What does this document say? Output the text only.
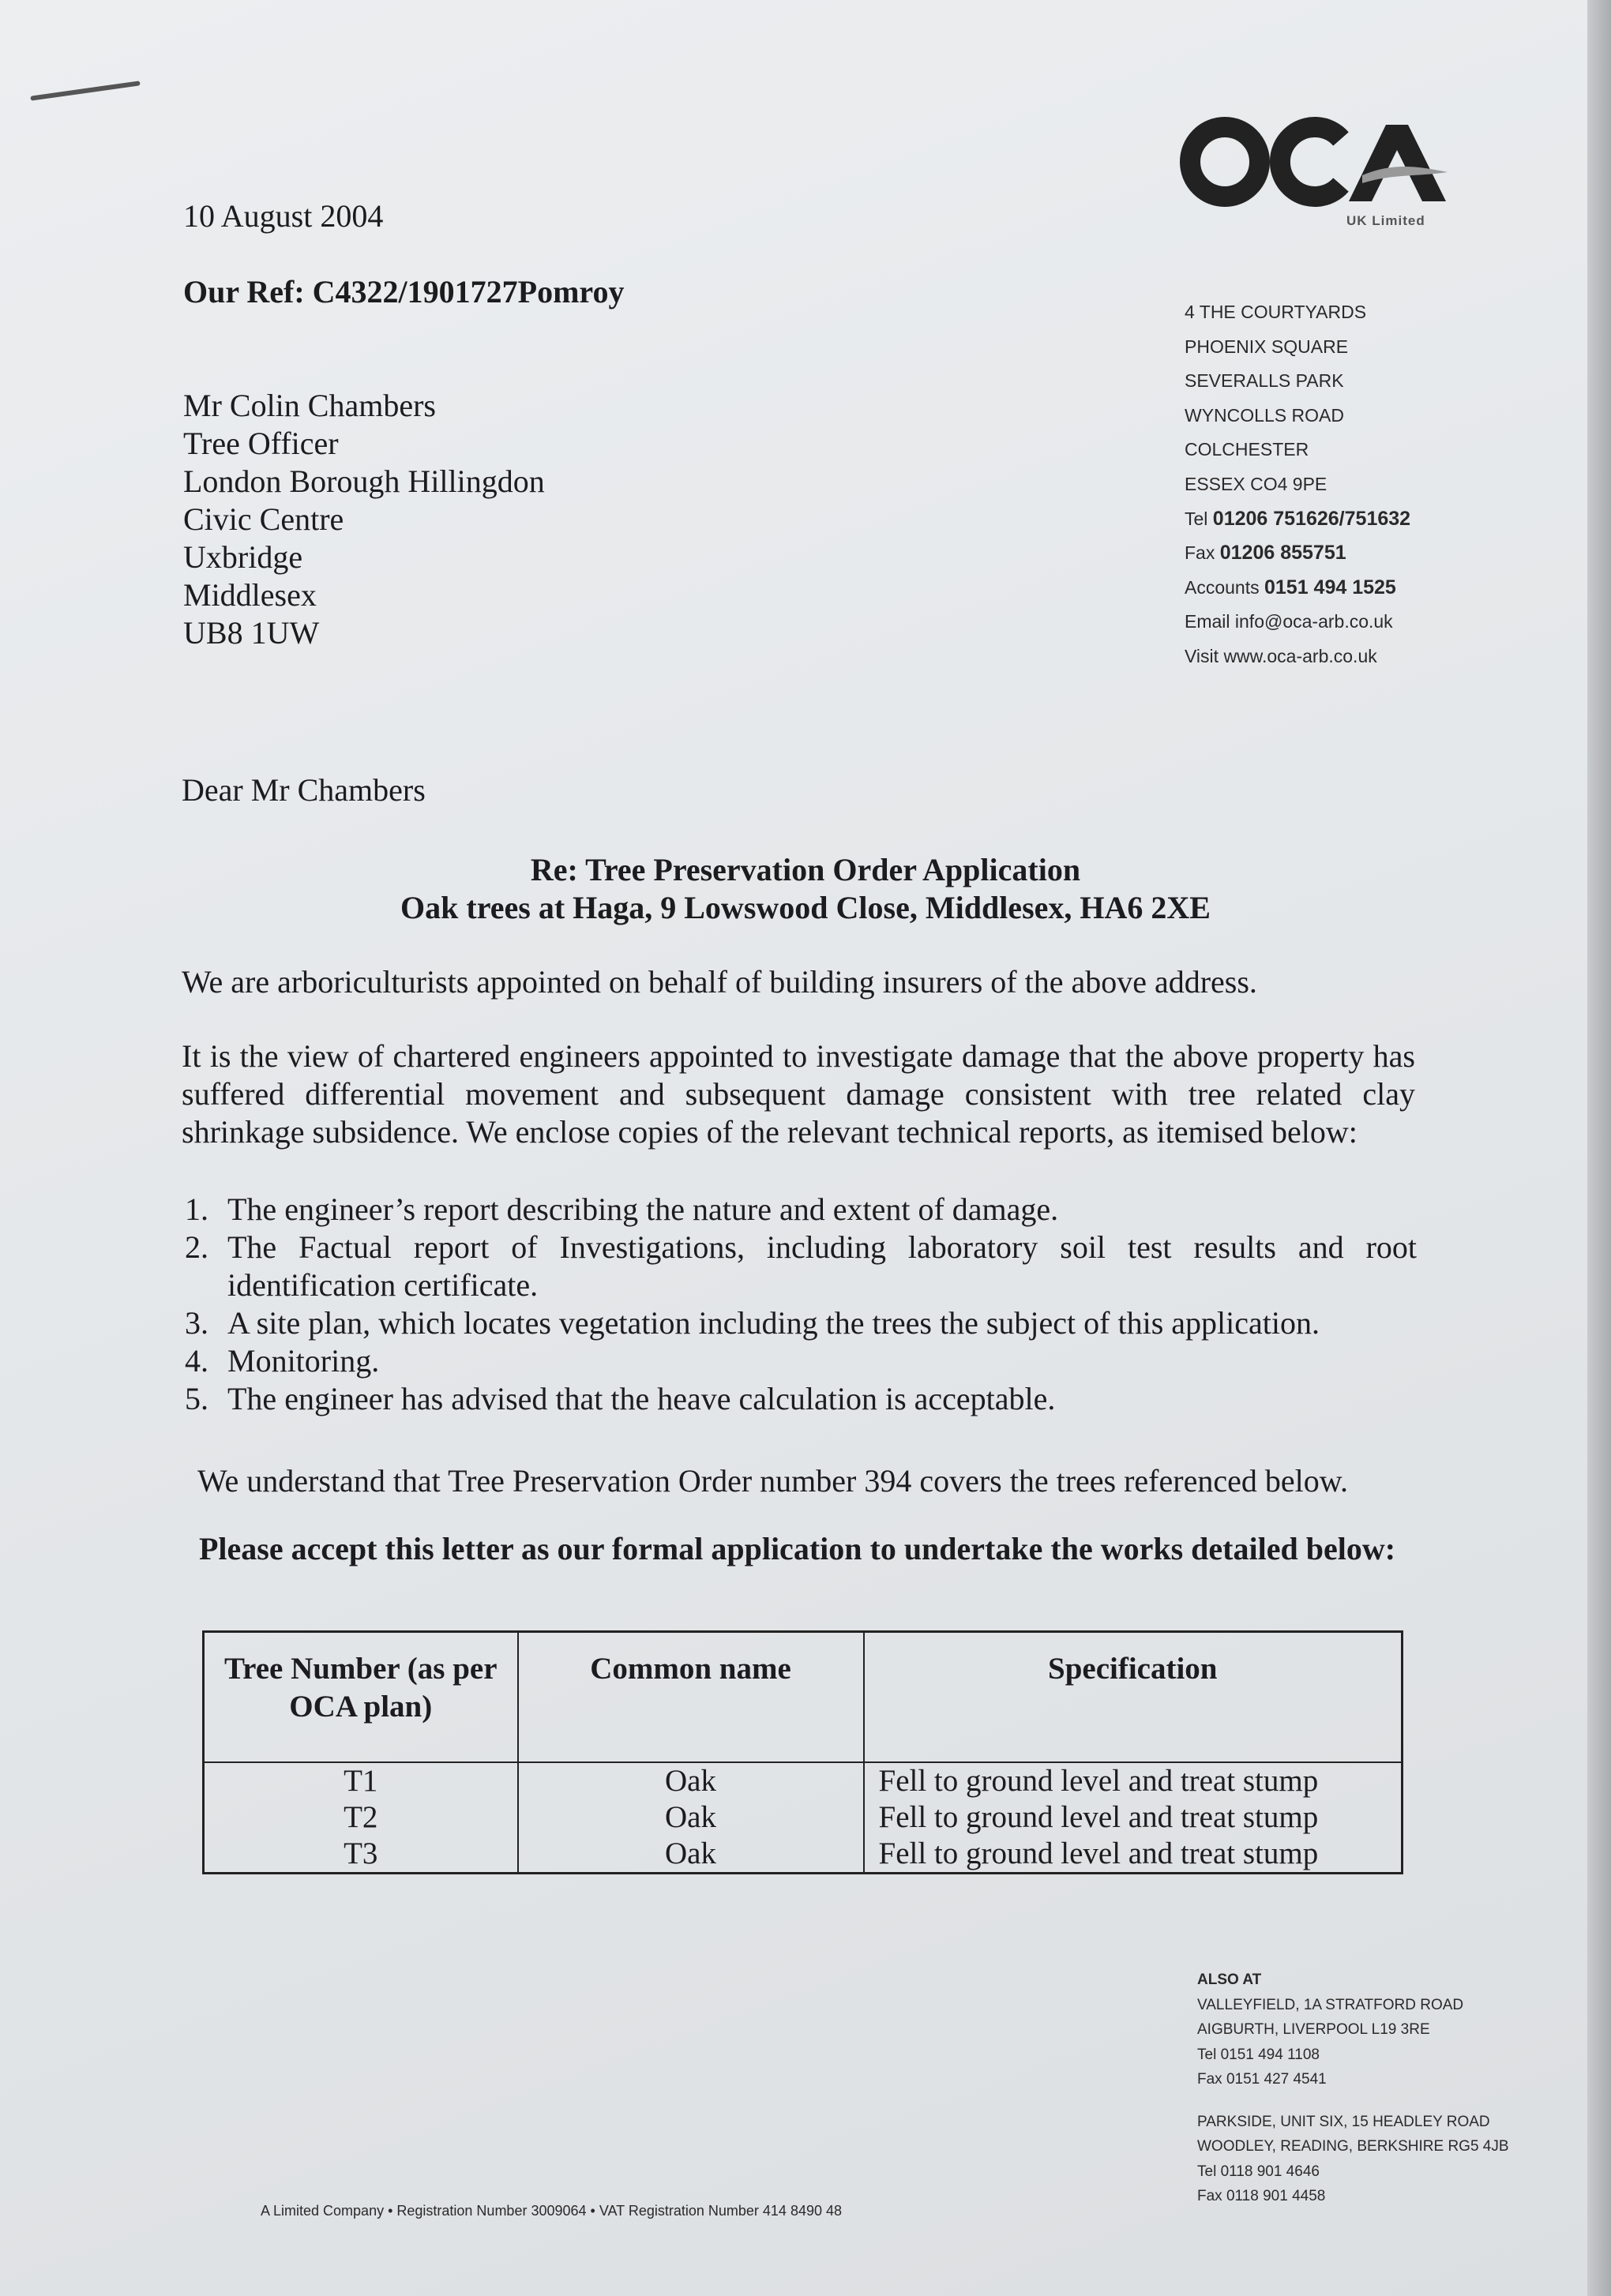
UK Limited
4 THE COURTYARDS
PHOENIX SQUARE
SEVERALLS PARK
WYNCOLLS ROAD
COLCHESTER
ESSEX CO4 9PE
Tel 01206 751626/751632
Fax 01206 855751
Accounts 0151 494 1525
Email info@oca-arb.co.uk
Visit www.oca-arb.co.uk
10 August 2004
Our Ref: C4322/1901727Pomroy
Mr Colin Chambers
Tree Officer
London Borough Hillingdon
Civic Centre
Uxbridge
Middlesex
UB8 1UW
Dear Mr Chambers
Re: Tree Preservation Order Application
Oak trees at Haga, 9 Lowswood Close, Middlesex, HA6 2XE
We are arboriculturists appointed on behalf of building insurers of the above address.
It is the view of chartered engineers appointed to investigate damage that the above property has suffered differential movement and subsequent damage consistent with tree related clay shrinkage subsidence. We enclose copies of the relevant technical reports, as itemised below:
1. The engineer’s report describing the nature and extent of damage.
2. The Factual report of Investigations, including laboratory soil test results and root identification certificate.
3. A site plan, which locates vegetation including the trees the subject of this application.
4. Monitoring.
5. The engineer has advised that the heave calculation is acceptable.
We understand that Tree Preservation Order number 394 covers the trees referenced below.
Please accept this letter as our formal application to undertake the works detailed below:
Tree Number (as per OCA plan)	Common name	Specification
T1	Oak	Fell to ground level and treat stump
T2	Oak	Fell to ground level and treat stump
T3	Oak	Fell to ground level and treat stump
ALSO AT
VALLEYFIELD, 1A STRATFORD ROAD
AIGBURTH, LIVERPOOL L19 3RE
Tel 0151 494 1108
Fax 0151 427 4541
PARKSIDE, UNIT SIX, 15 HEADLEY ROAD
WOODLEY, READING, BERKSHIRE RG5 4JB
Tel 0118 901 4646
Fax 0118 901 4458
A Limited Company • Registration Number 3009064 • VAT Registration Number 414 8490 48
